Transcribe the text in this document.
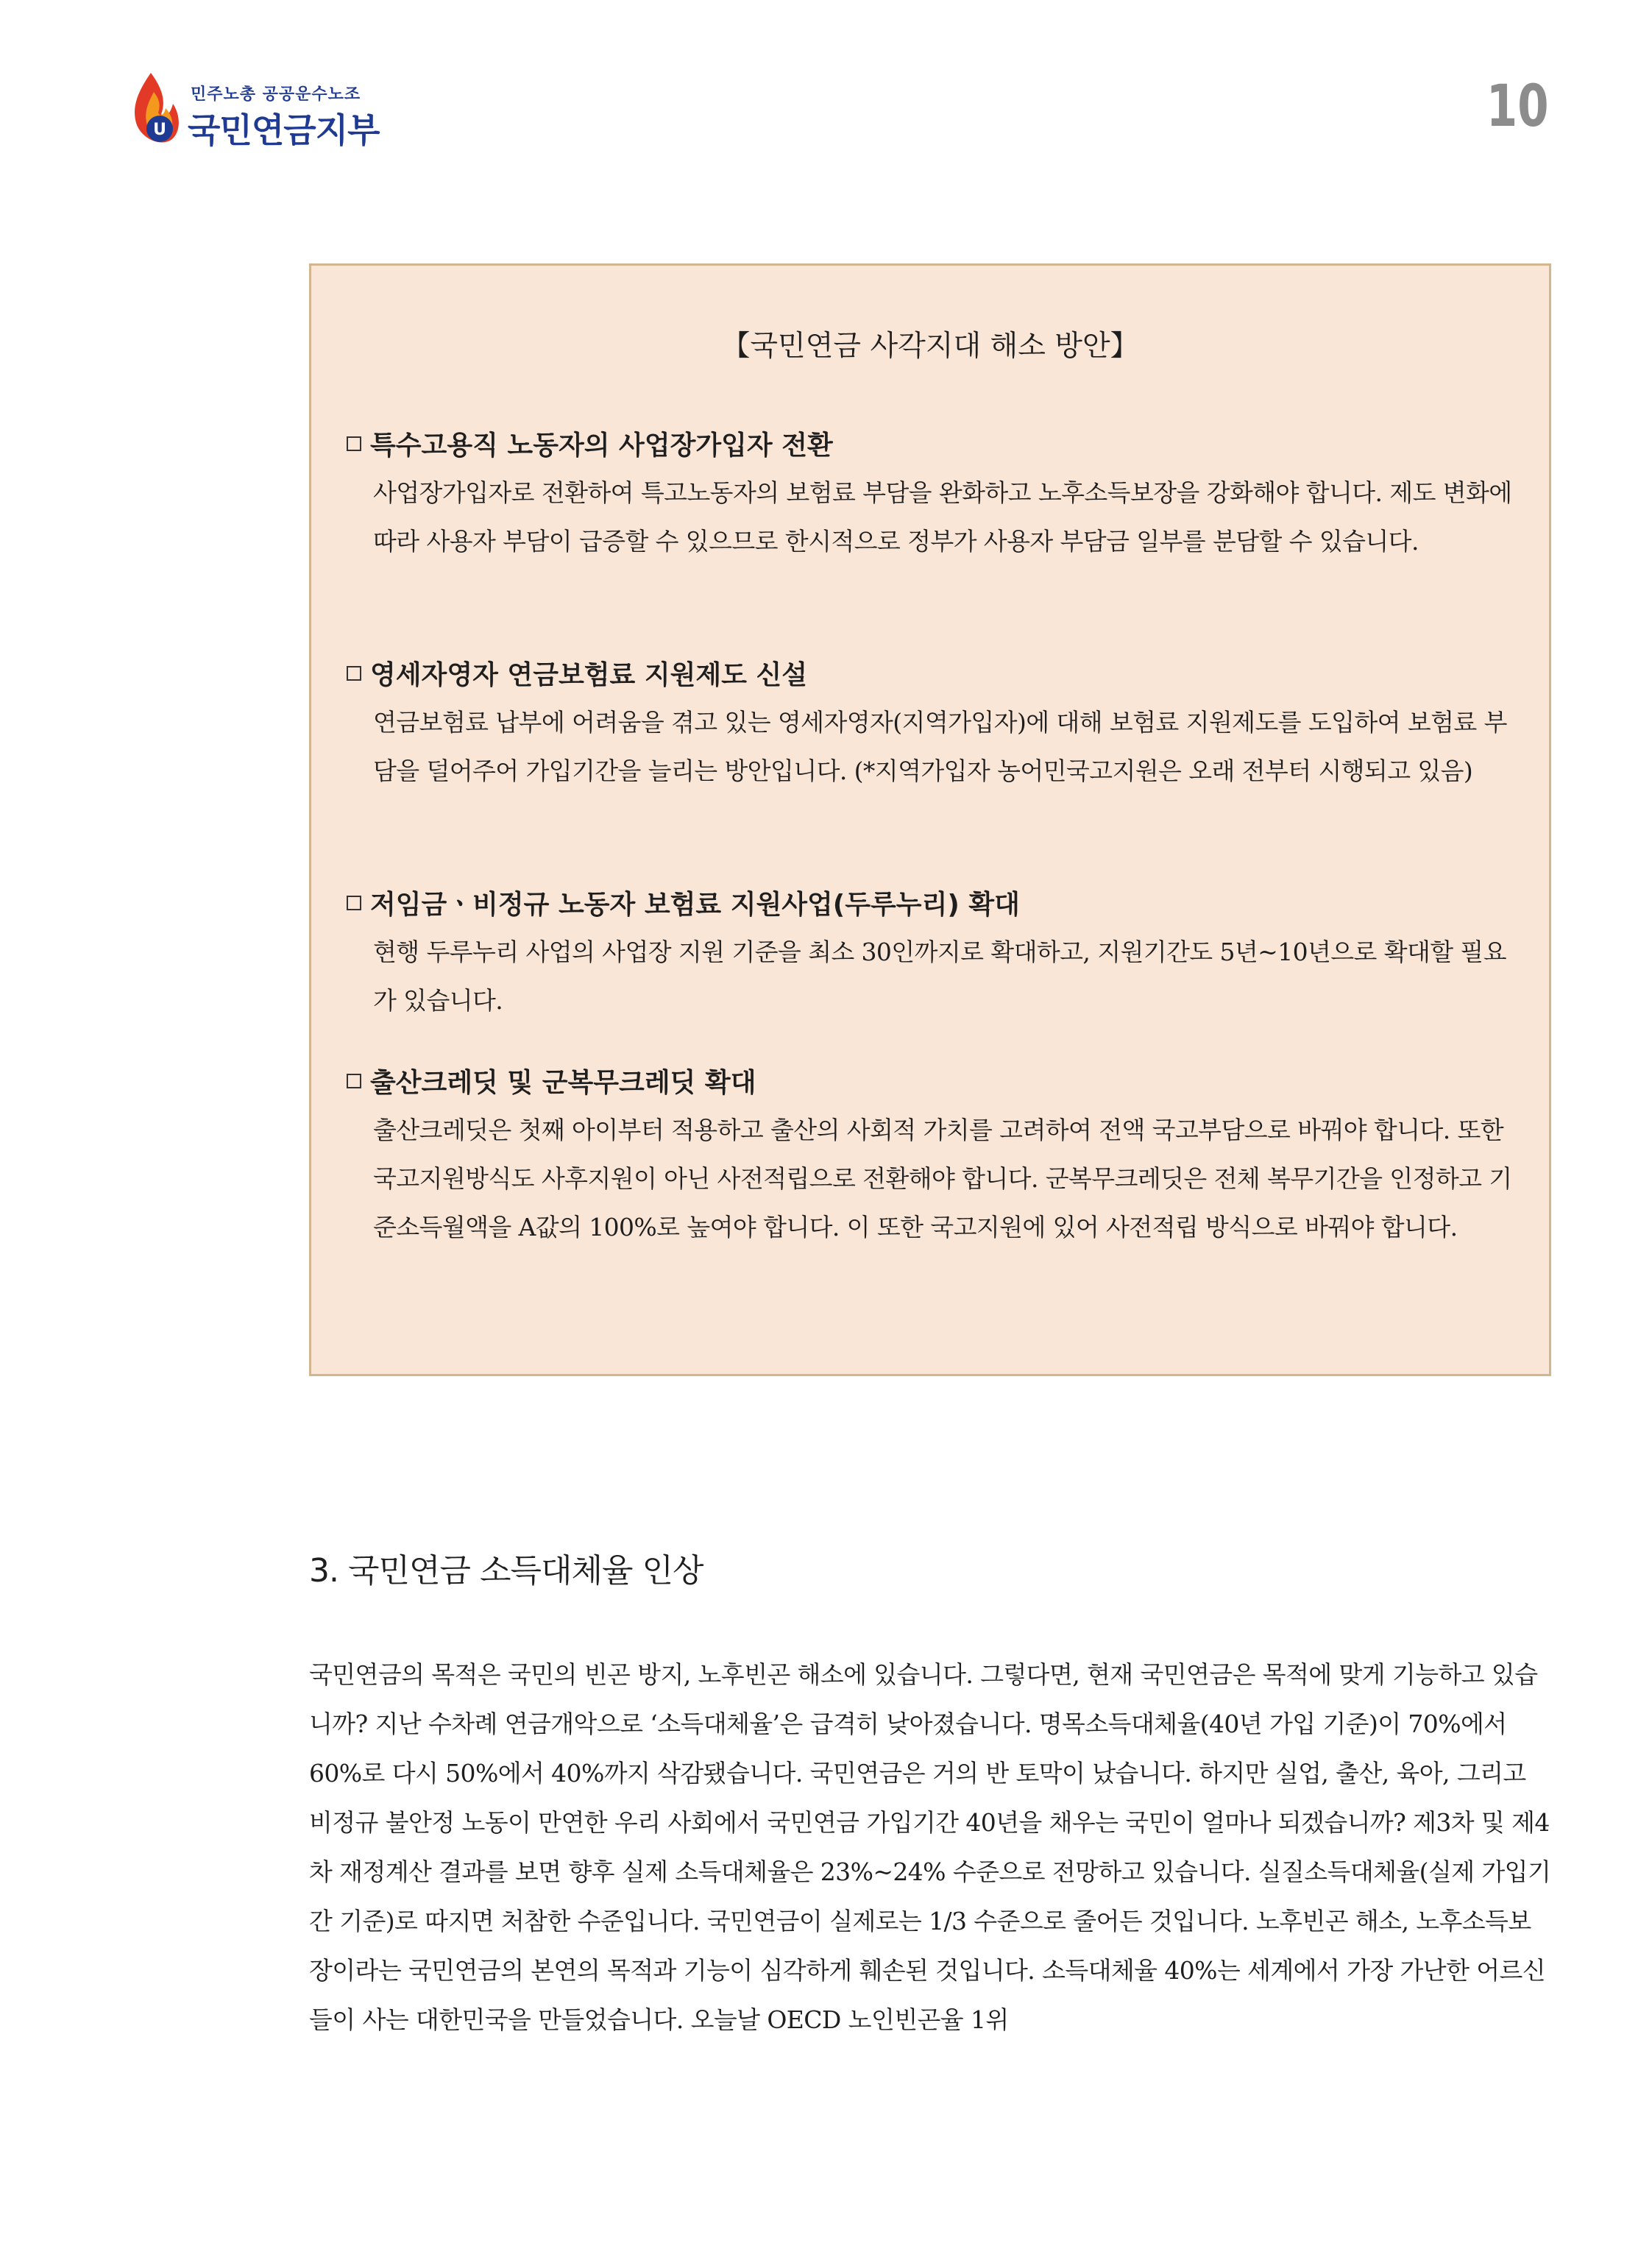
U
민주노총 공공운수노조
국민연금지부	10
【국민연금 사각지대 해소 방안】
특수고용직 노동자의 사업장가입자 전환
사업장가입자로 전환하여 특고노동자의 보험료 부담을 완화하고 노후소득보장을 강화해야 합니다. 제도 변화에 따라 사용자 부담이 급증할 수 있으므로 한시적으로 정부가 사용자 부담금 일부를 분담할 수 있습니다.
영세자영자 연금보험료 지원제도 신설
연금보험료 납부에 어려움을 겪고 있는 영세자영자(지역가입자)에 대해 보험료 지원제도를 도입하여 보험료 부담을 덜어주어 가입기간을 늘리는 방안입니다. (*지역가입자 농어민국고지원은 오래 전부터 시행되고 있음)
저임금ㆍ비정규 노동자 보험료 지원사업(두루누리) 확대
현행 두루누리 사업의 사업장 지원 기준을 최소 30인까지로 확대하고, 지원기간도 5년~10년으로 확대할 필요가 있습니다.
출산크레딧 및 군복무크레딧 확대
출산크레딧은 첫째 아이부터 적용하고 출산의 사회적 가치를 고려하여 전액 국고부담으로 바꿔야 합니다. 또한 국고지원방식도 사후지원이 아닌 사전적립으로 전환해야 합니다. 군복무크레딧은 전체 복무기간을 인정하고 기준소득월액을 A값의 100%로 높여야 합니다. 이 또한 국고지원에 있어 사전적립 방식으로 바꿔야 합니다.
3. 국민연금 소득대체율 인상
국민연금의 목적은 국민의 빈곤 방지, 노후빈곤 해소에 있습니다. 그렇다면, 현재 국민연금은 목적에 맞게 기능하고 있습니까? 지난 수차례 연금개악으로 ‘소득대체율’은 급격히 낮아졌습니다. 명목소득대체율(40년 가입 기준)이 70%에서 60%로 다시 50%에서 40%까지 삭감됐습니다. 국민연금은 거의 반 토막이 났습니다. 하지만 실업, 출산, 육아, 그리고 비정규 불안정 노동이 만연한 우리 사회에서 국민연금 가입기간 40년을 채우는 국민이 얼마나 되겠습니까? 제3차 및 제4차 재정계산 결과를 보면 향후 실제 소득대체율은 23%~24% 수준으로 전망하고 있습니다. 실질소득대체율(실제 가입기간 기준)로 따지면 처참한 수준입니다. 국민연금이 실제로는 1/3 수준으로 줄어든 것입니다. 노후빈곤 해소, 노후소득보장이라는 국민연금의 본연의 목적과 기능이 심각하게 훼손된 것입니다. 소득대체율 40%는 세계에서 가장 가난한 어르신들이 사는 대한민국을 만들었습니다. 오늘날 OECD 노인빈곤율 1위
